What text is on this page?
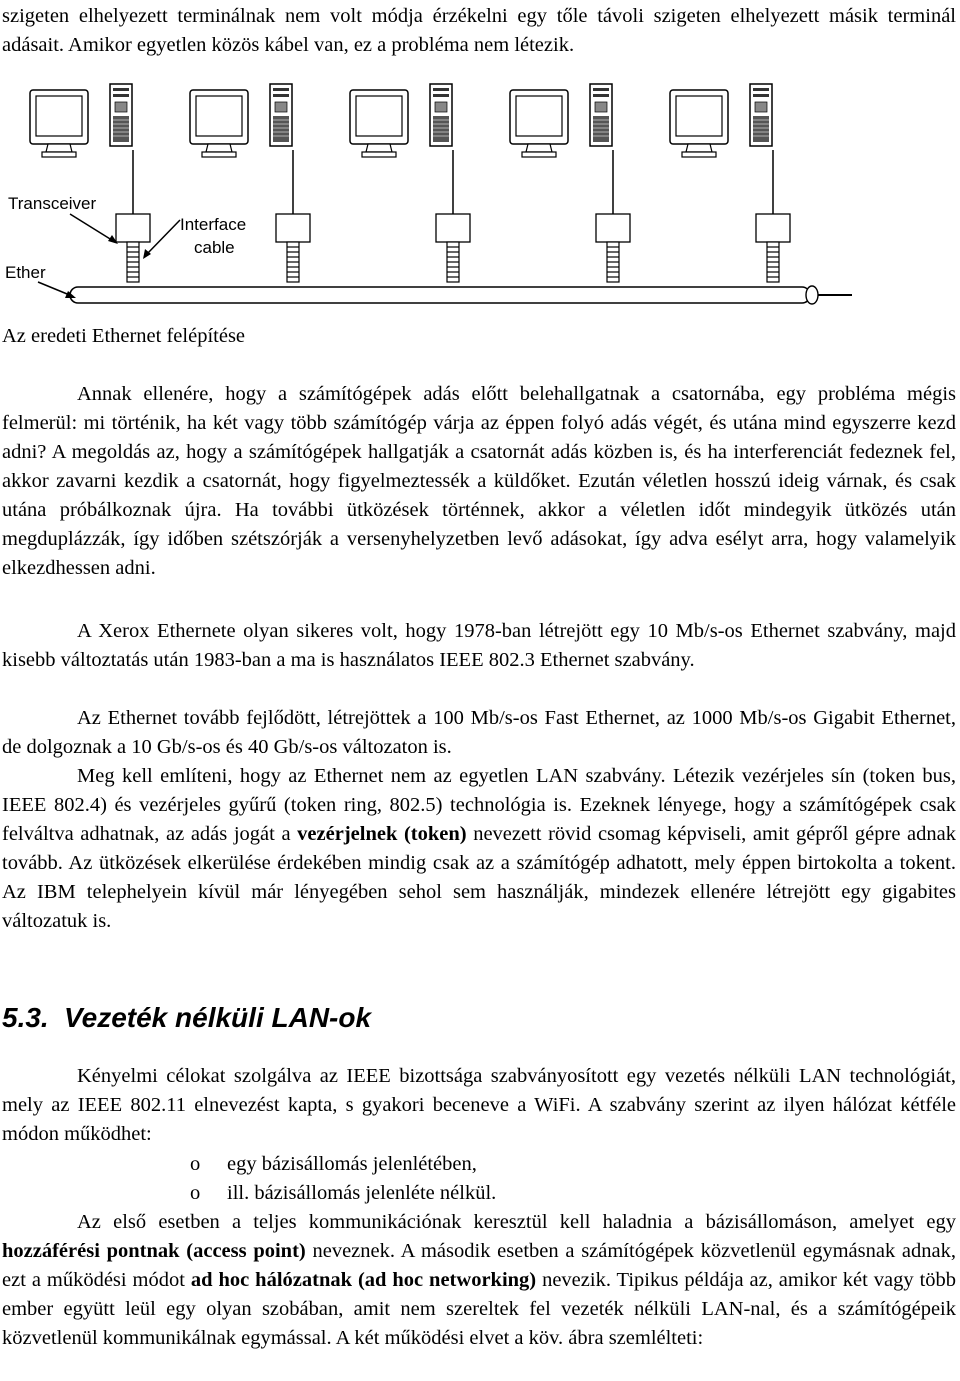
szigeten elhelyezett terminálnak nem volt módja érzékelni egy tőle távoli szigeten elhelyezett másik terminál adásait. Amikor egyetlen közös kábel van, ez a probléma nem létezik.

Transceiver
Interface
cable
Ether

Az eredeti Ethernet felépítése

Annak ellenére, hogy a számítógépek adás előtt belehallgatnak a csatornába, egy probléma mégis felmerül: mi történik, ha két vagy több számítógép várja az éppen folyó adás végét, és utána mind egyszerre kezd adni? A megoldás az, hogy a számítógépek hallgatják a csatornát adás közben is, és ha interferenciát fedeznek fel, akkor zavarni kezdik a csatornát, hogy figyelmeztessék a küldőket. Ezután véletlen hosszú ideig várnak, és csak utána próbálkoznak újra. Ha további ütközések történnek, akkor a véletlen időt mindegyik ütközés után megduplázzák, így időben szétszórják a versenyhelyzetben levő adásokat, így adva esélyt arra, hogy valamelyik elkezdhessen adni.

A Xerox Ethernete olyan sikeres volt, hogy 1978-ban létrejött egy 10 Mb/s-os Ethernet szabvány, majd kisebb változtatás után 1983-ban a ma is használatos IEEE 802.3 Ethernet szabvány.

Az Ethernet tovább fejlődött, létrejöttek a 100 Mb/s-os Fast Ethernet, az 1000 Mb/s-os Gigabit Ethernet, de dolgoznak a 10 Gb/s-os és 40 Gb/s-os változaton is.

Meg kell említeni, hogy az Ethernet nem az egyetlen LAN szabvány. Létezik vezérjeles sín (token bus, IEEE 802.4) és vezérjeles gyűrű (token ring, 802.5) technológia is. Ezeknek lényege, hogy a számítógépek csak felváltva adhatnak, az adás jogát a vezérjelnek (token) nevezett rövid csomag képviseli, amit gépről gépre adnak tovább. Az ütközések elkerülése érdekében mindig csak az a számítógép adhatott, mely éppen birtokolta a tokent. Az IBM telephelyein kívül már lényegében sehol sem használják, mindezek ellenére létrejött egy gigabites változatuk is.

5.3. Vezeték nélküli LAN-ok

Kényelmi célokat szolgálva az IEEE bizottsága szabványosított egy vezetés nélküli LAN technológiát, mely az IEEE 802.11 elnevezést kapta, s gyakori beceneve a WiFi. A szabvány szerint az ilyen hálózat kétféle módon működhet:

o	egy bázisállomás jelenlétében,
o	ill. bázisállomás jelenléte nélkül.

Az első esetben a teljes kommunikációnak keresztül kell haladnia a bázisállomáson, amelyet egy hozzáférési pontnak (access point) neveznek. A második esetben a számítógépek közvetlenül egymásnak adnak, ezt a működési módot ad hoc hálózatnak (ad hoc networking) nevezik. Tipikus példája az, amikor két vagy több ember együtt leül egy olyan szobában, amit nem szereltek fel vezeték nélküli LAN-nal, és a számítógépeik közvetlenül kommunikálnak egymással. A két működési elvet a köv. ábra szemlélteti:
